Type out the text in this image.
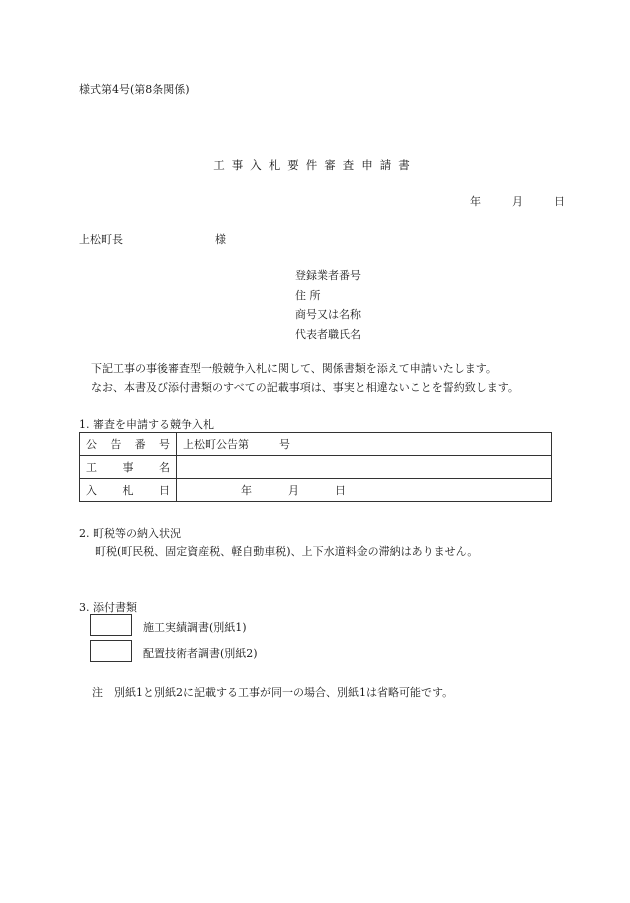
様式第4号(第8条関係)
工事入札要件審査申請書
年	月	日
上松町長	様
登録業者番号
住 所
商号又は名称
代表者職氏名
下記工事の事後審査型一般競争入札に関して、関係書類を添えて申請いたします。
なお、本書及び添付書類のすべての記載事項は、事実と相違ないことを誓約致します。
1. 審査を申請する競争入札
公告番号	上松町公告第 号
工事名	
入札日	年 月 日
2. 町税等の納入状況
町税(町民税、固定資産税、軽自動車税)、上下水道料金の滞納はありません。
3. 添付書類
施工実績調書(別紙1)
配置技術者調書(別紙2)
注　別紙1と別紙2に記載する工事が同一の場合、別紙1は省略可能です。
